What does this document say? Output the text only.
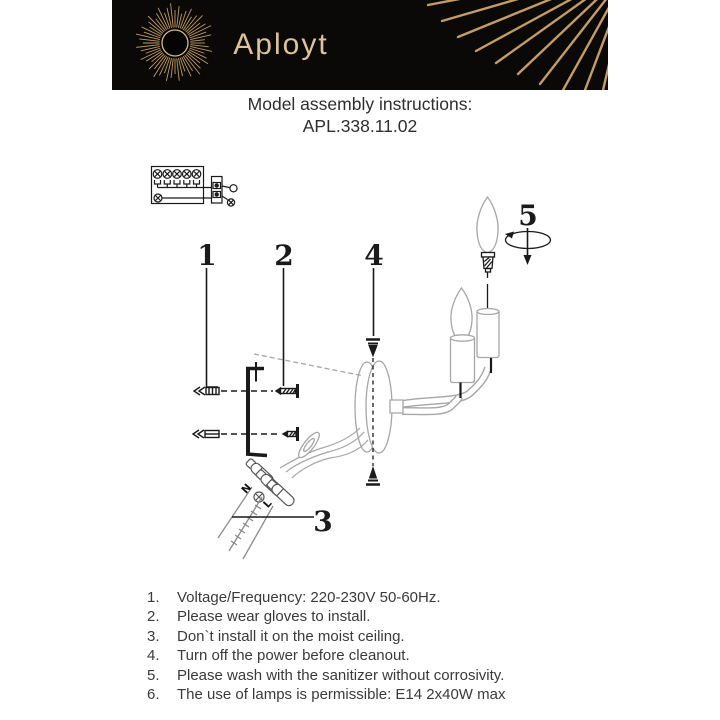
Aployt
Model assembly instructions:
APL.338.11.02
1 2
3
4
5
N
L
1.	Voltage/Frequency: 220-230V 50-60Hz.
2.	Please wear gloves to install.
3.	Don`t install it on the moist ceiling.
4.	Turn off the power before cleanout.
5.	Please wash with the sanitizer without corrosivity.
6.	The use of lamps is permissible: E14 2x40W max
